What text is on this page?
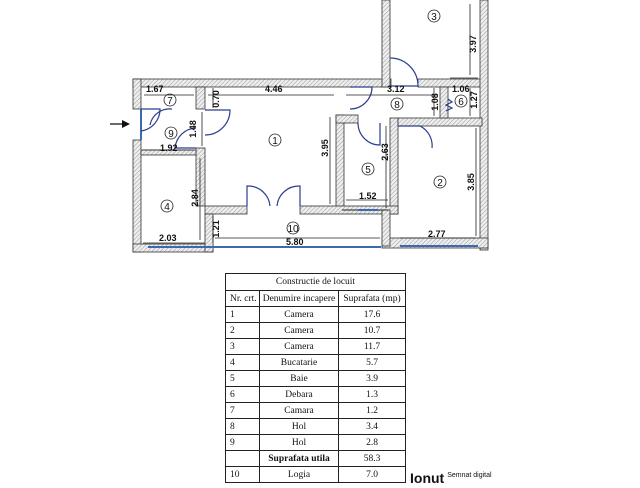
1.67	4.46	3.12	1.06
3.97
0.70
1.48
3.95
1.08	1.27
1.92	2.63
3.85
2.84	1.52
2.03
1.21
5.80
2.77
1
2
3
4
5
6
7	8
9
10
Constructie de locuit		
Nr. crt.	Denumire incapere	Suprafata (mp)
1	Camera	17.6
2	Camera	10.7
3	Camera	11.7
4	Bucatarie	5.7
5	Baie	3.9
6	Debara	1.3
7	Camara	1.2
8	Hol	3.4
9	Hol	2.8
	Suprafata utila	58.3
10	Logia	7.0 Ionut $^{Semnat digital}$
